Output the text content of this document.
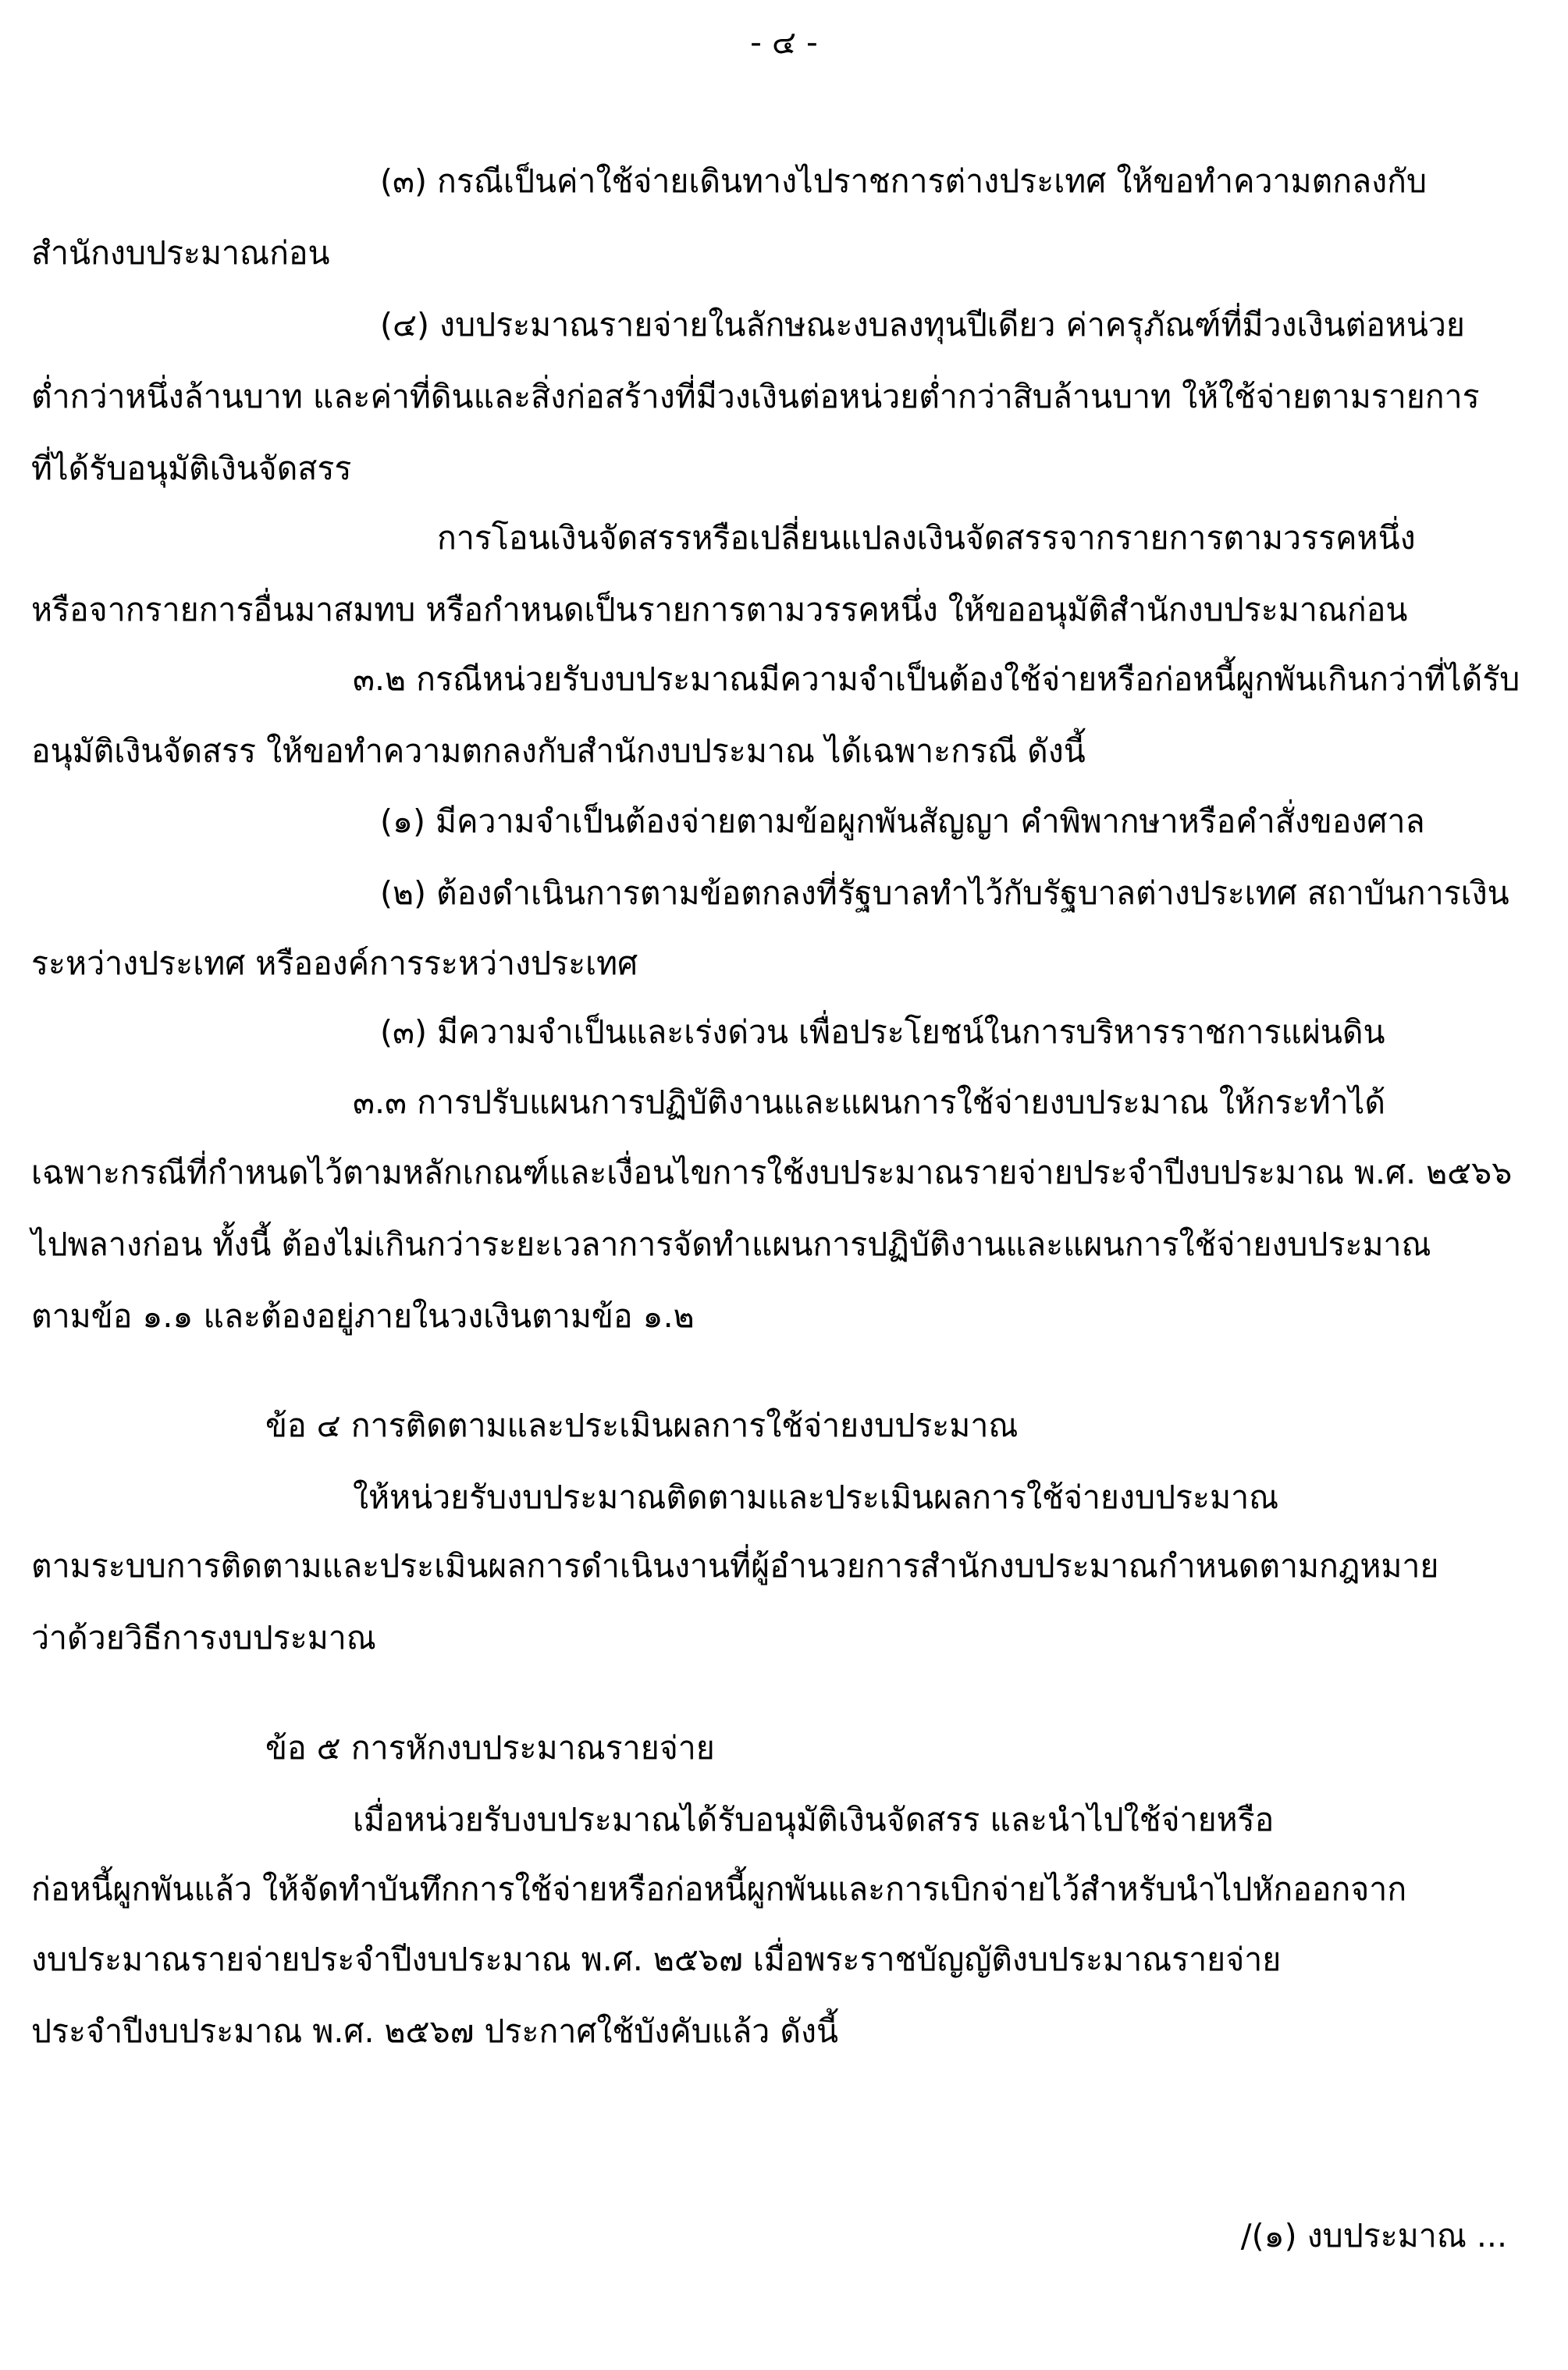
- ๔ -

(๓) กรณีเป็นค่าใช้จ่ายเดินทางไปราชการต่างประเทศ ให้ขอทำความตกลงกับ

สำนักงบประมาณก่อน

(๔) งบประมาณรายจ่ายในลักษณะงบลงทุนปีเดียว ค่าครุภัณฑ์ที่มีวงเงินต่อหน่วย

ต่ำกว่าหนึ่งล้านบาท และค่าที่ดินและสิ่งก่อสร้างที่มีวงเงินต่อหน่วยต่ำกว่าสิบล้านบาท ให้ใช้จ่ายตามรายการ

ที่ได้รับอนุมัติเงินจัดสรร

การโอนเงินจัดสรรหรือเปลี่ยนแปลงเงินจัดสรรจากรายการตามวรรคหนึ่ง

หรือจากรายการอื่นมาสมทบ หรือกำหนดเป็นรายการตามวรรคหนึ่ง ให้ขออนุมัติสำนักงบประมาณก่อน

๓.๒ กรณีหน่วยรับงบประมาณมีความจำเป็นต้องใช้จ่ายหรือก่อหนี้ผูกพันเกินกว่าที่ได้รับ

อนุมัติเงินจัดสรร ให้ขอทำความตกลงกับสำนักงบประมาณ ได้เฉพาะกรณี ดังนี้

(๑) มีความจำเป็นต้องจ่ายตามข้อผูกพันสัญญา คำพิพากษาหรือคำสั่งของศาล

(๒) ต้องดำเนินการตามข้อตกลงที่รัฐบาลทำไว้กับรัฐบาลต่างประเทศ สถาบันการเงิน

ระหว่างประเทศ หรือองค์การระหว่างประเทศ

(๓) มีความจำเป็นและเร่งด่วน เพื่อประโยชน์ในการบริหารราชการแผ่นดิน

๓.๓ การปรับแผนการปฏิบัติงานและแผนการใช้จ่ายงบประมาณ ให้กระทำได้

เฉพาะกรณีที่กำหนดไว้ตามหลักเกณฑ์และเงื่อนไขการใช้งบประมาณรายจ่ายประจำปีงบประมาณ พ.ศ. ๒๕๖๖

ไปพลางก่อน ทั้งนี้ ต้องไม่เกินกว่าระยะเวลาการจัดทำแผนการปฏิบัติงานและแผนการใช้จ่ายงบประมาณ

ตามข้อ ๑.๑ และต้องอยู่ภายในวงเงินตามข้อ ๑.๒

ข้อ ๔ การติดตามและประเมินผลการใช้จ่ายงบประมาณ

ให้หน่วยรับงบประมาณติดตามและประเมินผลการใช้จ่ายงบประมาณ

ตามระบบการติดตามและประเมินผลการดำเนินงานที่ผู้อำนวยการสำนักงบประมาณกำหนดตามกฎหมาย

ว่าด้วยวิธีการงบประมาณ

ข้อ ๕ การหักงบประมาณรายจ่าย

เมื่อหน่วยรับงบประมาณได้รับอนุมัติเงินจัดสรร และนำไปใช้จ่ายหรือ

ก่อหนี้ผูกพันแล้ว ให้จัดทำบันทึกการใช้จ่ายหรือก่อหนี้ผูกพันและการเบิกจ่ายไว้สำหรับนำไปหักออกจาก

งบประมาณรายจ่ายประจำปีงบประมาณ พ.ศ. ๒๕๖๗ เมื่อพระราชบัญญัติงบประมาณรายจ่าย

ประจำปีงบประมาณ พ.ศ. ๒๕๖๗ ประกาศใช้บังคับแล้ว ดังนี้

/(๑) งบประมาณ ...
